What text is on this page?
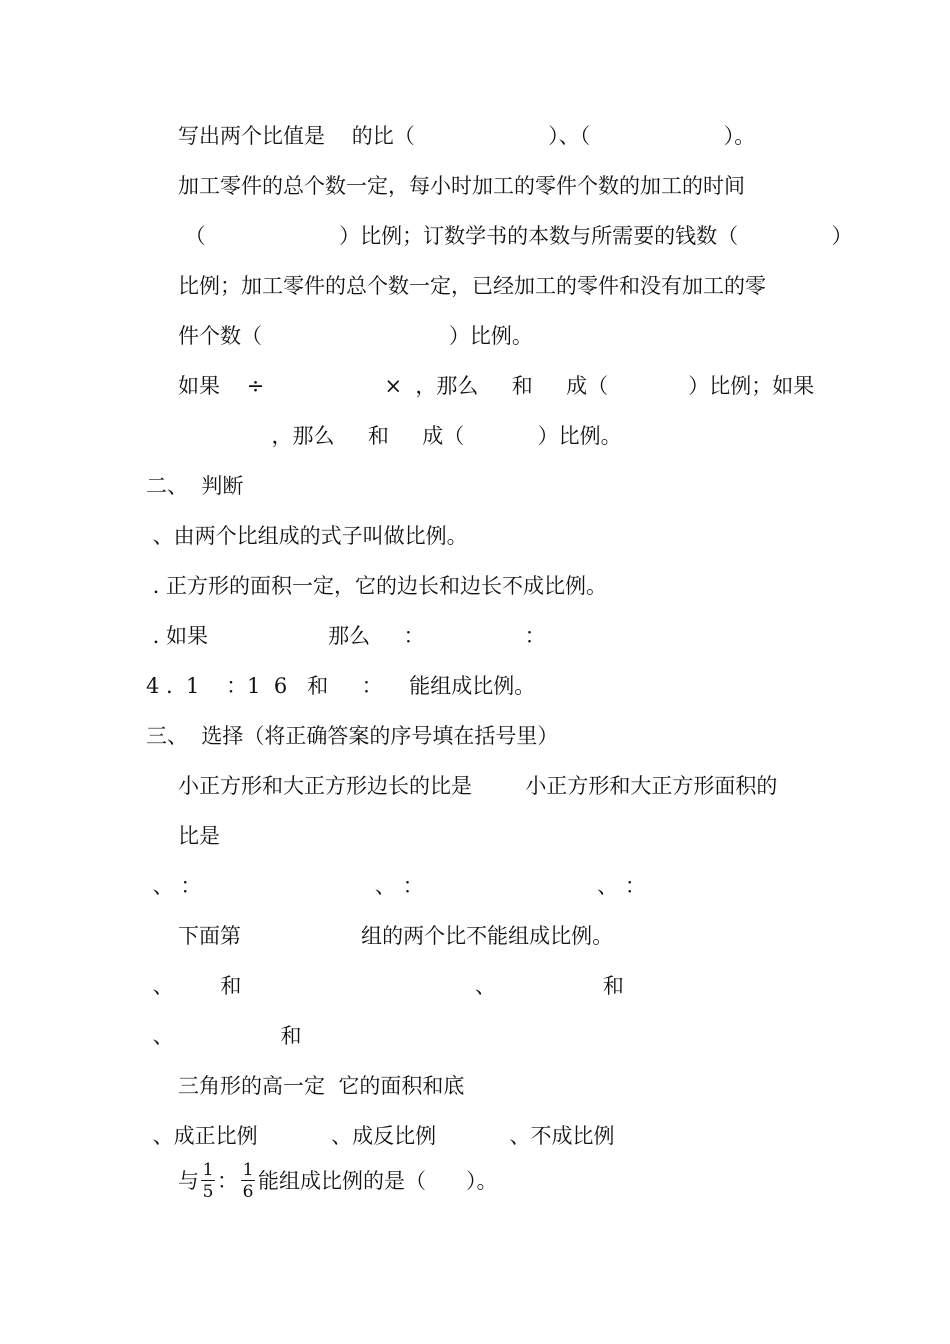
写出两个比值是    的比（                    ）、（                    ）。

加工零件的总个数一定，每小时加工的零件个数的加工的时间

（                    ）比例；订数学书的本数与所需要的钱数（              ）

比例；加工零件的总个数一定，已经加工的零件和没有加工的零

件个数（                            ）比例。

如果    ÷                  ×  ，那么     和     成（            ）比例；如果

，那么     和     成（           ）比例。

二、  判断

、由两个比组成的式子叫做比例。

. 正方形的面积一定，它的边长和边长不成比例。

. 如果                  那么     ：               ：

4 .  1    ：1  6   和     ：    能组成比例。

三、  选择（将正确答案的序号填在括号里）

小正方形和大正方形边长的比是        小正方形和大正方形面积的

比是

、 ：                          、 ：                          、 ：

下面第                  组的两个比不能组成比例。

、       和                                   、                和

、                和

三角形的高一定  它的面积和底

、成正比例           、成反比例           、不成比例

与 1
5 ： 1
6 能组成比例的是（      ）。
